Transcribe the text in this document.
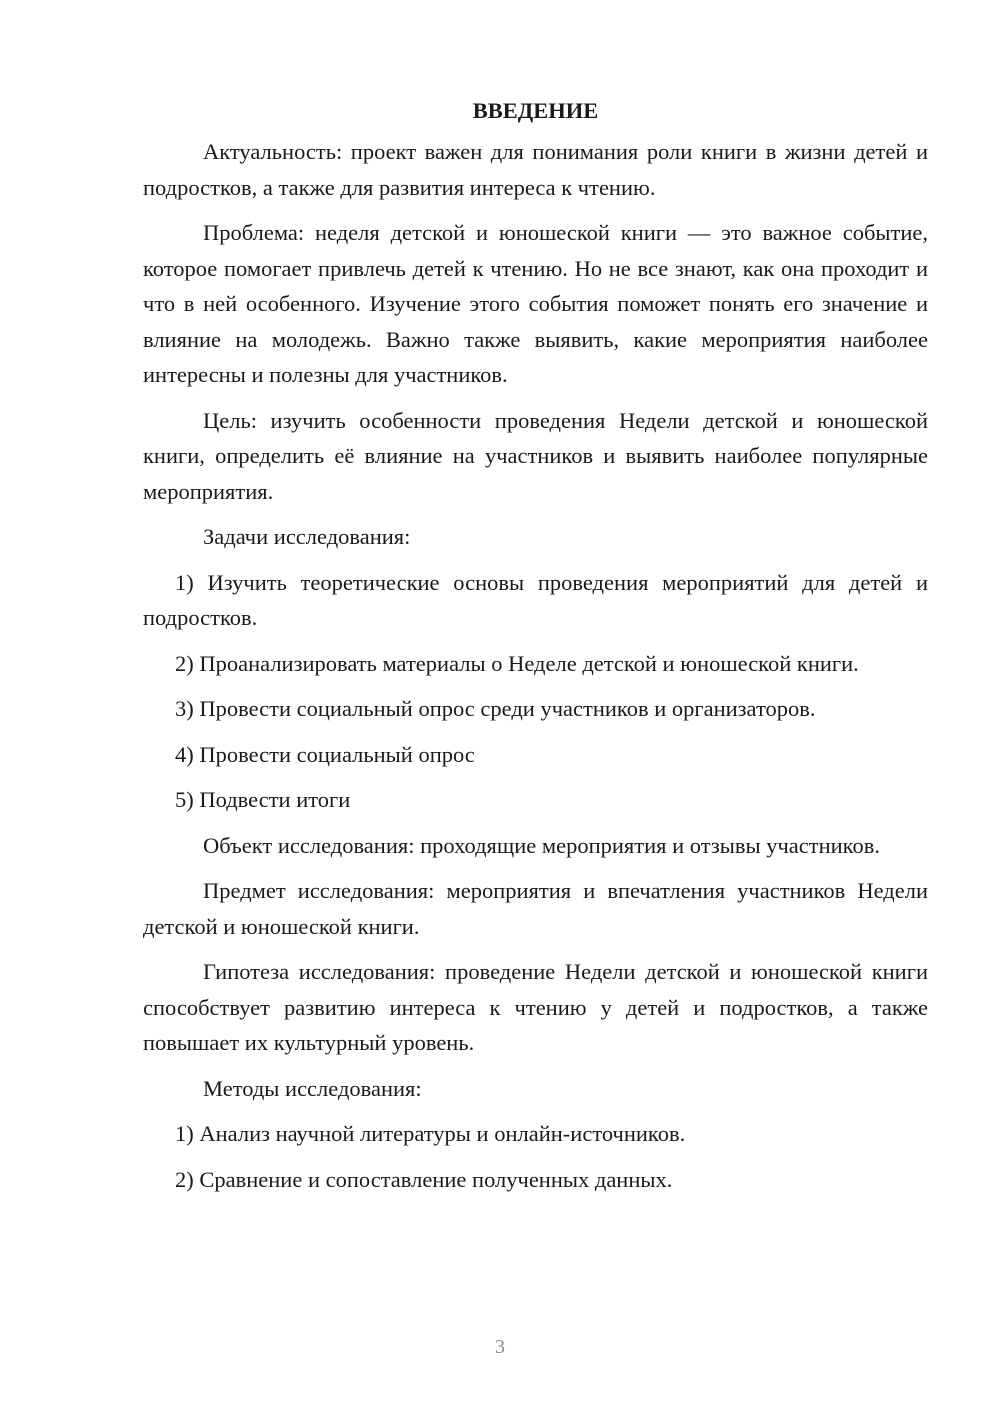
ВВЕДЕНИЕ

Актуальность: проект важен для понимания роли книги в жизни детей и подростков, а также для развития интереса к чтению.

Проблема: неделя детской и юношеской книги — это важное событие, которое помогает привлечь детей к чтению. Но не все знают, как она проходит и что в ней особенного. Изучение этого события поможет понять его значение и влияние на молодежь. Важно также выявить, какие мероприятия наиболее интересны и полезны для участников.

Цель: изучить особенности проведения Недели детской и юношеской книги, определить её влияние на участников и выявить наиболее популярные мероприятия.

Задачи исследования:

1) Изучить теоретические основы проведения мероприятий для детей и подростков.

2) Проанализировать материалы о Неделе детской и юношеской книги.

3) Провести социальный опрос среди участников и организаторов.

4) Провести социальный опрос

5) Подвести итоги

Объект исследования: проходящие мероприятия и отзывы участников.

Предмет исследования: мероприятия и впечатления участников Недели детской и юношеской книги.

Гипотеза исследования: проведение Недели детской и юношеской книги способствует развитию интереса к чтению у детей и подростков, а также повышает их культурный уровень.

Методы исследования:

1) Анализ научной литературы и онлайн-источников.

2) Сравнение и сопоставление полученных данных.

3
